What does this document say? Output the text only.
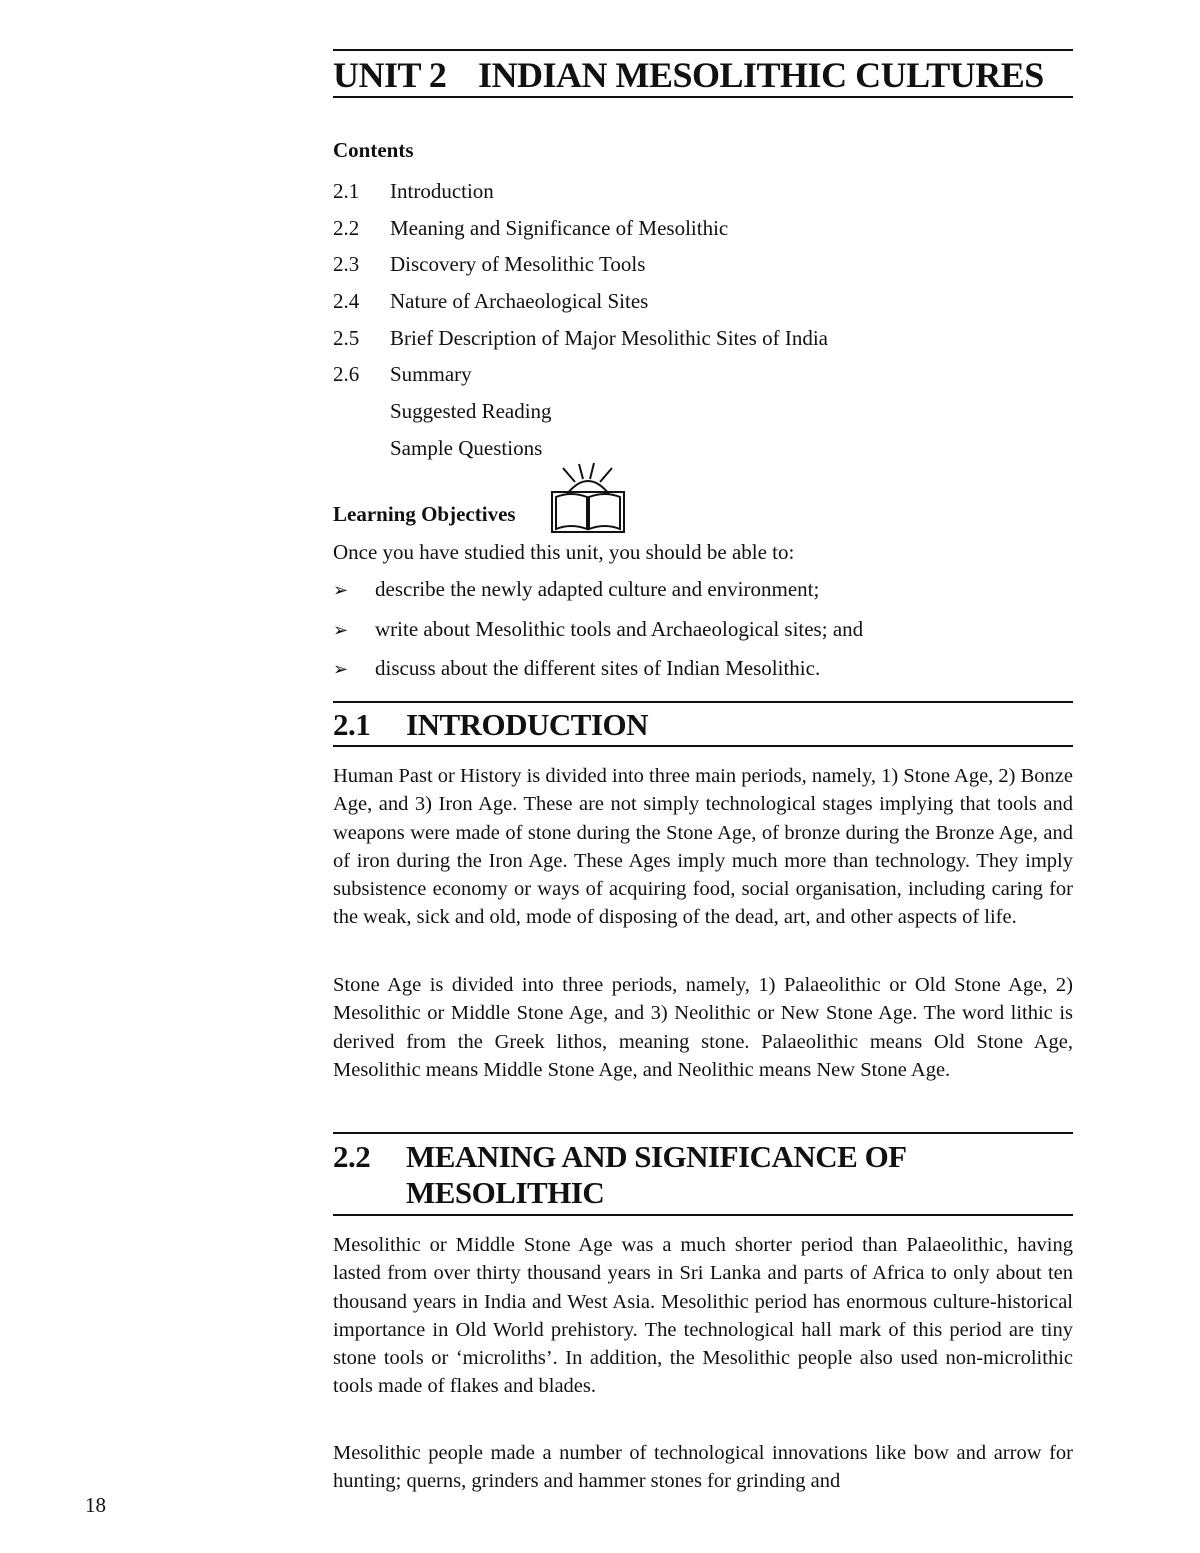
UNIT 2 INDIAN MESOLITHIC CULTURES
Contents
2.1 Introduction
2.2 Meaning and Significance of Mesolithic
2.3 Discovery of Mesolithic Tools
2.4 Nature of Archaeological Sites
2.5 Brief Description of Major Mesolithic Sites of India
2.6 Summary
Suggested Reading
Sample Questions
Learning Objectives
Once you have studied this unit, you should be able to:
➢ describe the newly adapted culture and environment;
➢ write about Mesolithic tools and Archaeological sites; and
➢ discuss about the different sites of Indian Mesolithic.
2.1 INTRODUCTION

Human Past or History is divided into three main periods, namely, 1) Stone Age, 2) Bonze Age, and 3) Iron Age. These are not simply technological stages implying that tools and weapons were made of stone during the Stone Age, of bronze during the Bronze Age, and of iron during the Iron Age. These Ages imply much more than technology. They imply subsistence economy or ways of acquiring food, social organisation, including caring for the weak, sick and old, mode of disposing of the dead, art, and other aspects of life.

Stone Age is divided into three periods, namely, 1) Palaeolithic or Old Stone Age, 2) Mesolithic or Middle Stone Age, and 3) Neolithic or New Stone Age. The word lithic is derived from the Greek lithos, meaning stone. Palaeolithic means Old Stone Age, Mesolithic means Middle Stone Age, and Neolithic means New Stone Age.

2.2 MEANING AND SIGNIFICANCE OF MESOLITHIC

Mesolithic or Middle Stone Age was a much shorter period than Palaeolithic, having lasted from over thirty thousand years in Sri Lanka and parts of Africa to only about ten thousand years in India and West Asia. Mesolithic period has enormous culture-historical importance in Old World prehistory. The technological hall mark of this period are tiny stone tools or ‘microliths’. In addition, the Mesolithic people also used non-microlithic tools made of flakes and blades.

Mesolithic people made a number of technological innovations like bow and arrow for hunting; querns, grinders and hammer stones for grinding and

18
